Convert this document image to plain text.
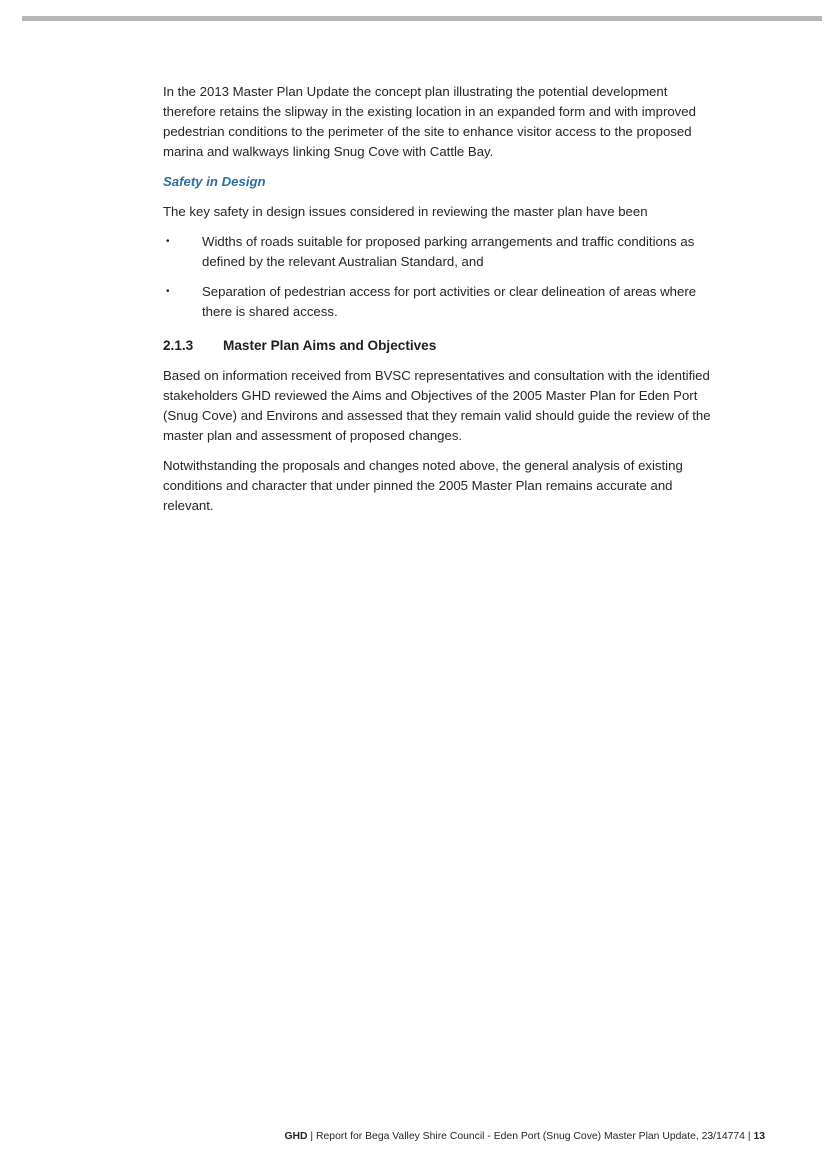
In the 2013 Master Plan Update the concept plan illustrating the potential development therefore retains the slipway in the existing location in an expanded form and with improved pedestrian conditions to the perimeter of the site to enhance visitor access to the proposed marina and walkways linking Snug Cove with Cattle Bay.

Safety in Design

The key safety in design issues considered in reviewing the master plan have been

• Widths of roads suitable for proposed parking arrangements and traffic conditions as defined by the relevant Australian Standard, and
• Separation of pedestrian access for port activities or clear delineation of areas where there is shared access.
2.1.3	Master Plan Aims and Objectives

Based on information received from BVSC representatives and consultation with the identified stakeholders GHD reviewed the Aims and Objectives of the 2005 Master Plan for Eden Port (Snug Cove) and Environs and assessed that they remain valid should guide the review of the master plan and assessment of proposed changes.

Notwithstanding the proposals and changes noted above, the general analysis of existing conditions and character that under pinned the 2005 Master Plan remains accurate and relevant.

GHD | Report for Bega Valley Shire Council - Eden Port (Snug Cove) Master Plan Update, 23/14774 | 13
